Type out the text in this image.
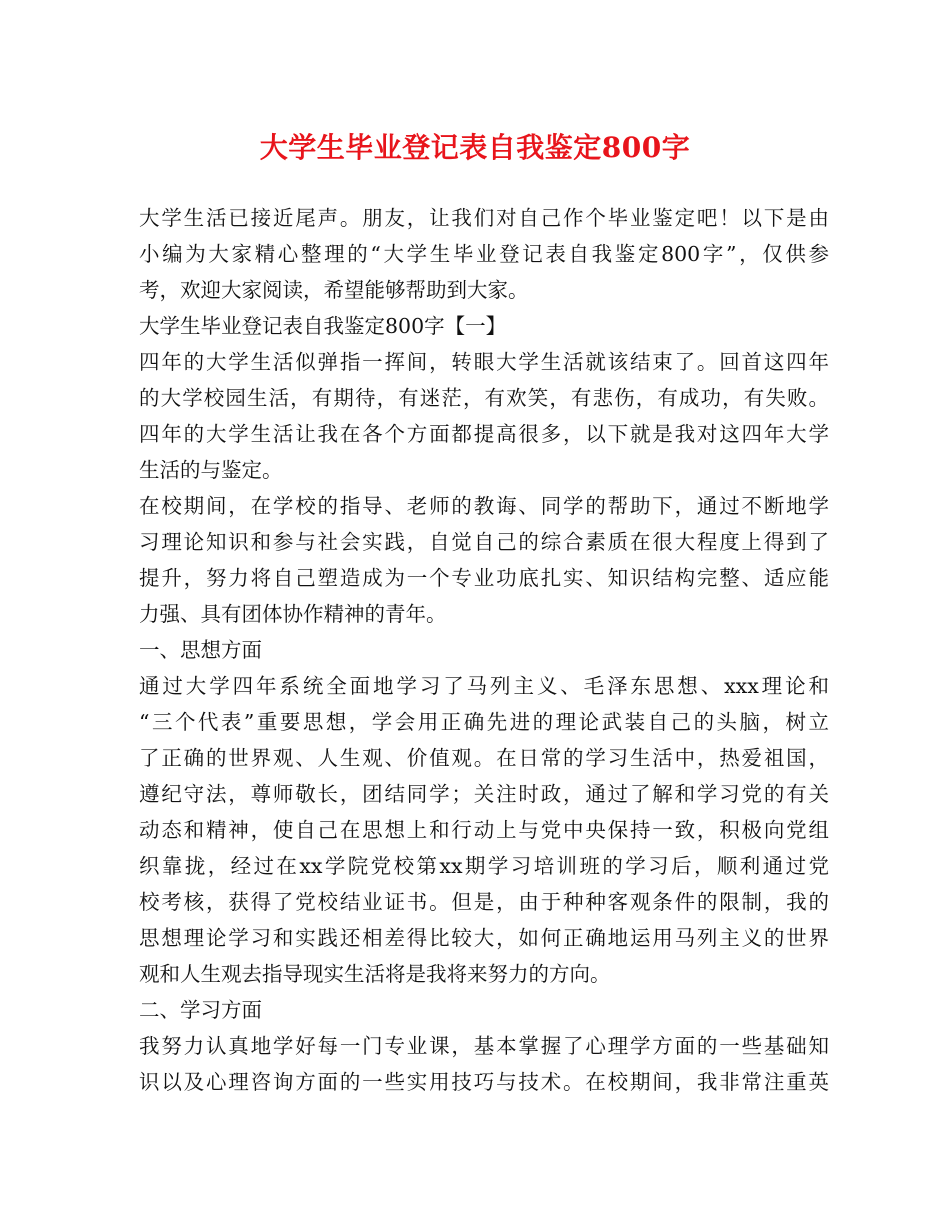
大学生毕业登记表自我鉴定800字
大学生活已接近尾声。朋友，让我们对自己作个毕业鉴定吧！以下是由
小编为大家精心整理的“大学生毕业登记表自我鉴定800字”，仅供参
考，欢迎大家阅读，希望能够帮助到大家。
大学生毕业登记表自我鉴定800字【一】
四年的大学生活似弹指一挥间，转眼大学生活就该结束了。回首这四年
的大学校园生活，有期待，有迷茫，有欢笑，有悲伤，有成功，有失败。
四年的大学生活让我在各个方面都提高很多，以下就是我对这四年大学
生活的与鉴定。
在校期间，在学校的指导、老师的教诲、同学的帮助下，通过不断地学
习理论知识和参与社会实践，自觉自己的综合素质在很大程度上得到了
提升，努力将自己塑造成为一个专业功底扎实、知识结构完整、适应能
力强、具有团体协作精神的青年。
一、思想方面
通过大学四年系统全面地学习了马列主义、毛泽东思想、xxx理论和
“三个代表”重要思想，学会用正确先进的理论武装自己的头脑，树立
了正确的世界观、人生观、价值观。在日常的学习生活中，热爱祖国，
遵纪守法，尊师敬长，团结同学；关注时政，通过了解和学习党的有关
动态和精神，使自己在思想上和行动上与党中央保持一致，积极向党组
织靠拢，经过在xx学院党校第xx期学习培训班的学习后，顺利通过党
校考核，获得了党校结业证书。但是，由于种种客观条件的限制，我的
思想理论学习和实践还相差得比较大，如何正确地运用马列主义的世界
观和人生观去指导现实生活将是我将来努力的方向。
二、学习方面
我努力认真地学好每一门专业课，基本掌握了心理学方面的一些基础知
识以及心理咨询方面的一些实用技巧与技术。在校期间，我非常注重英
